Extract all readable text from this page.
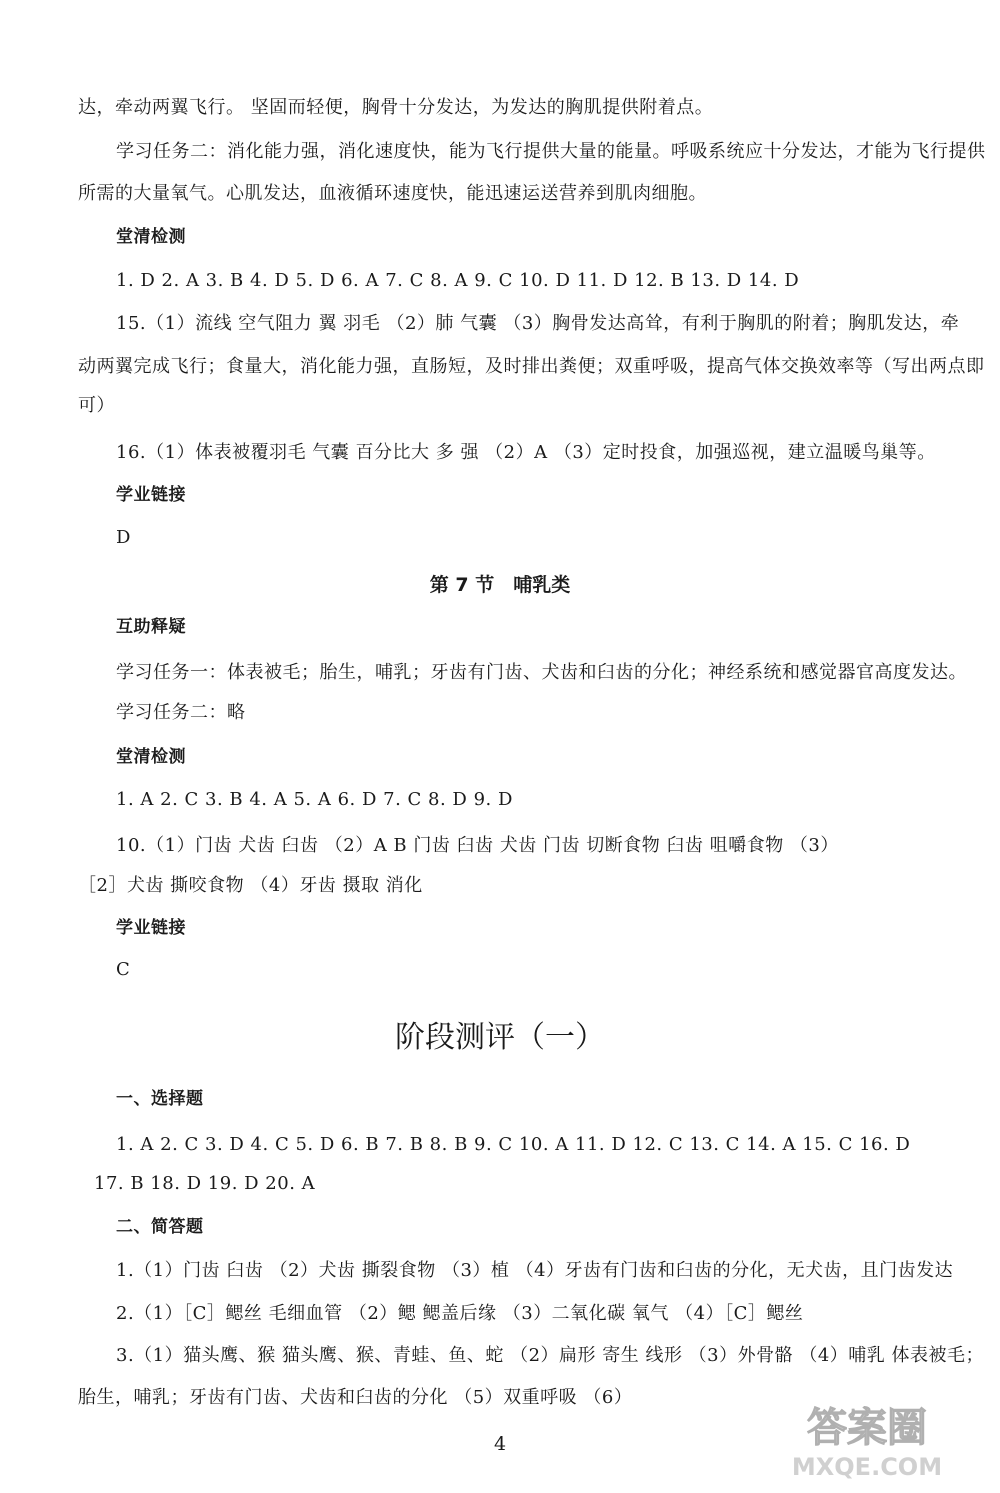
达，牵动两翼飞行。 坚固而轻便，胸骨十分发达，为发达的胸肌提供附着点。
学习任务二：消化能力强，消化速度快，能为飞行提供大量的能量。呼吸系统应十分发达，才能为飞行提供
所需的大量氧气。心肌发达，血液循环速度快，能迅速运送营养到肌肉细胞。
堂清检测
1. D 2. A 3. B 4. D 5. D 6. A 7. C 8. A 9. C 10. D 11. D 12. B 13. D 14. D
15.（1）流线 空气阻力 翼 羽毛 （2）肺 气囊 （3）胸骨发达高耸，有利于胸肌的附着；胸肌发达，牵
动两翼完成飞行；食量大，消化能力强，直肠短，及时排出粪便；双重呼吸，提高气体交换效率等（写出两点即
可）
16.（1）体表被覆羽毛 气囊 百分比大 多 强 （2）A （3）定时投食，加强巡视，建立温暖鸟巢等。
学业链接
D
第 7 节　哺乳类
互助释疑
学习任务一：体表被毛；胎生，哺乳；牙齿有门齿、犬齿和臼齿的分化；神经系统和感觉器官高度发达。
学习任务二：略
堂清检测
1. A 2. C 3. B 4. A 5. A 6. D 7. C 8. D 9. D
10.（1）门齿 犬齿 臼齿 （2）A B 门齿 臼齿 犬齿 门齿 切断食物 臼齿 咀嚼食物 （3）
［2］犬齿 撕咬食物 （4）牙齿 摄取 消化
学业链接
C
阶段测评（一）
一、选择题
1. A 2. C 3. D 4. C 5. D 6. B 7. B 8. B 9. C 10. A 11. D 12. C 13. C 14. A 15. C 16. D
17. B 18. D 19. D 20. A
二、简答题
1.（1）门齿 臼齿 （2）犬齿 撕裂食物 （3）植 （4）牙齿有门齿和臼齿的分化，无犬齿，且门齿发达
2.（1）［C］鳃丝 毛细血管 （2）鳃 鳃盖后缘 （3）二氧化碳 氧气 （4）［C］鳃丝
3.（1）猫头鹰、猴 猫头鹰、猴、青蛙、鱼、蛇 （2）扁形 寄生 线形 （3）外骨骼 （4）哺乳 体表被毛；
胎生，哺乳；牙齿有门齿、犬齿和臼齿的分化 （5）双重呼吸 （6）
4	答案圈
MXQE.COM
